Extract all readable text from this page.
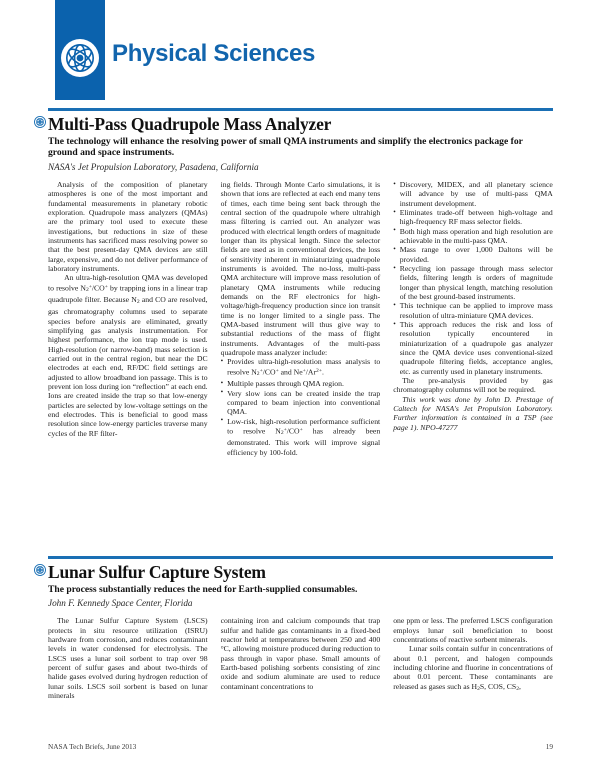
Physical Sciences
Multi-Pass Quadrupole Mass Analyzer
The technology will enhance the resolving power of small QMA instruments and simplify the electronics package for ground and space instruments.
NASA's Jet Propulsion Laboratory, Pasadena, California

Analysis of the composition of planetary atmospheres is one of the most important and fundamental measurements in planetary robotic exploration. Quadrupole mass analyzers (QMAs) are the primary tool used to execute these investigations, but reductions in size of these instruments has sacrificed mass resolving power so that the best present-day QMA devices are still large, expensive, and do not deliver performance of laboratory instruments.

An ultra-high-resolution QMA was developed to resolve $N_2^+/CO^+$ by trapping ions in a linear trap quadrupole filter. Because $N_2$ and CO are resolved, gas chromatography columns used to separate species before analysis are eliminated, greatly simplifying gas analysis instrumentation. For highest performance, the ion trap mode is used. High-resolution (or narrow-band) mass selection is carried out in the central region, but near the DC electrodes at each end, RF/DC field settings are adjusted to allow broadband ion passage. This is to prevent ion loss during ion “reflection” at each end. Ions are created inside the trap so that low-energy particles are selected by low-voltage settings on the end electrodes. This is beneficial to good mass resolution since low-energy particles traverse many cycles of the RF filter-

ing fields. Through Monte Carlo simulations, it is shown that ions are reflected at each end many tens of times, each time being sent back through the central section of the quadrupole where ultrahigh mass filtering is carried out. An analyzer was produced with electrical length orders of magnitude longer than its physical length. Since the selector fields are used as in conventional devices, the loss of sensitivity inherent in miniaturizing quadrupole instruments is avoided. The no-loss, multi-pass QMA architecture will improve mass resolution of planetary QMA instruments while reducing demands on the RF electronics for high-voltage/high-frequency production since ion transit time is no longer limited to a single pass. The QMA-based instrument will thus give way to substantial reductions of the mass of flight instruments. Advantages of the multi-pass quadrupole mass analyzer include:

• Provides ultra-high-resolution mass analysis to resolve $N_2^+/CO^+$ and $Ne^+/Ar^{2+}$.
• Multiple passes through QMA region.
• Very slow ions can be created inside the trap compared to beam injection into conventional QMA.
• Low-risk, high-resolution performance sufficient to resolve $N_2^+/CO^+$ has already been demonstrated. This work will improve signal efficiency by 100-fold.
• Discovery, MIDEX, and all planetary science will advance by use of multi-pass QMA instrument development.
• Eliminates trade-off between high-voltage and high-frequency RF mass selector fields.
• Both high mass operation and high resolution are achievable in the multi-pass QMA.
• Mass range to over 1,000 Daltons will be provided.
• Recycling ion passage through mass selector fields, filtering length is orders of magnitude longer than physical length, matching resolution of the best ground-based instruments.
• This technique can be applied to improve mass resolution of ultra-miniature QMA devices.
• This approach reduces the risk and loss of resolution typically encountered in miniaturization of a quadrupole gas analyzer since the QMA device uses conventional-sized quadrupole filtering fields, acceptance angles, etc. as currently used in planetary instruments.

The pre-analysis provided by gas chromatography columns will not be required.

This work was done by John D. Prestage of Caltech for NASA's Jet Propulsion Laboratory. Further information is contained in a TSP (see page 1). NPO-47277

Lunar Sulfur Capture System
The process substantially reduces the need for Earth-supplied consumables.
John F. Kennedy Space Center, Florida

The Lunar Sulfur Capture System (LSCS) protects in situ resource utilization (ISRU) hardware from corrosion, and reduces contaminant levels in water condensed for electrolysis. The LSCS uses a lunar soil sorbent to trap over 98 percent of sulfur gases and about two-thirds of halide gases evolved during hydrogen reduction of lunar soils. LSCS soil sorbent is based on lunar minerals

containing iron and calcium compounds that trap sulfur and halide gas contaminants in a fixed-bed reactor held at temperatures between 250 and 400 °C, allowing moisture produced during reduction to pass through in vapor phase. Small amounts of Earth-based polishing sorbents consisting of zinc oxide and sodium aluminate are used to reduce contaminant concentrations to

one ppm or less. The preferred LSCS configuration employs lunar soil beneficiation to boost concentrations of reactive sorbent minerals.

Lunar soils contain sulfur in concentrations of about 0.1 percent, and halogen compounds including chlorine and fluorine in concentrations of about 0.01 percent. These contaminants are released as gases such as $H_2S$, COS, $CS_2$,

NASA Tech Briefs, June 2013	19
